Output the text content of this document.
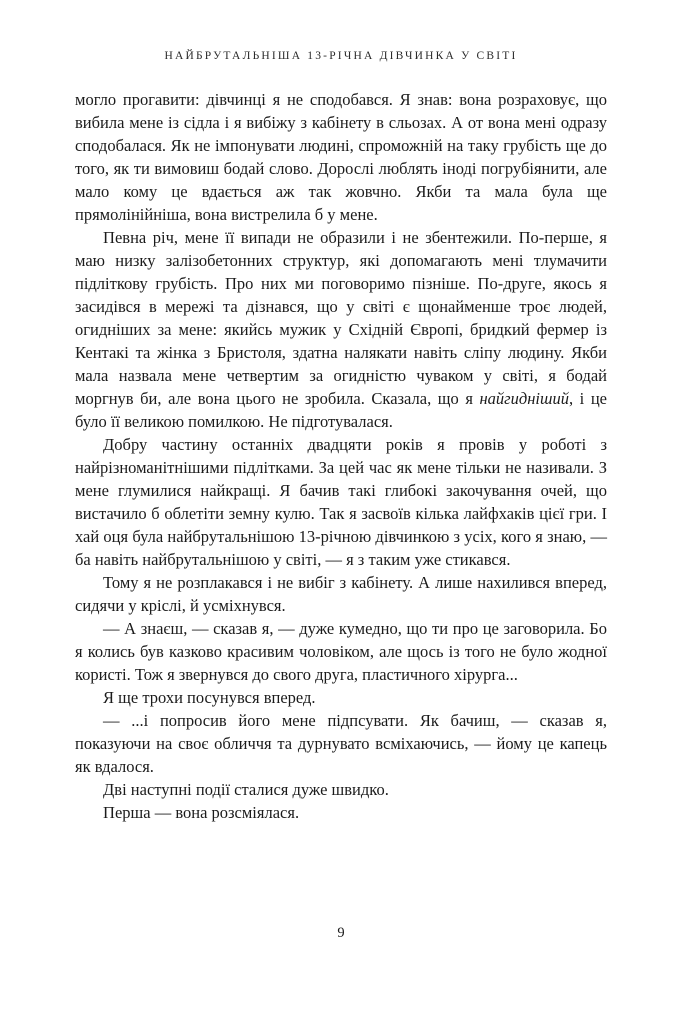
НАЙБРУТАЛЬНІША 13-РІЧНА ДІВЧИНКА У СВІТІ

могло прогавити: дівчинці я не сподобався. Я знав: вона розраховує, що вибила мене із сідла і я вибіжу з кабінету в сльозах. А от вона мені одразу сподобалася. Як не імпонувати людині, спроможній на таку грубість ще до того, як ти вимовиш бодай слово. Дорослі люблять іноді погрубіянити, але мало кому це вдається аж так жовчно. Якби та мала була ще прямолінійніша, вона вистрелила б у мене.

Певна річ, мене її випади не образили і не збентежили. По-перше, я маю низку залізобетонних структур, які допомагають мені тлумачити підліткову грубість. Про них ми поговоримо пізніше. По-друге, якось я засидівся в мережі та дізнався, що у світі є щонайменше троє людей, огидніших за мене: якийсь мужик у Східній Європі, бридкий фермер із Кентакі та жінка з Бристоля, здатна налякати навіть сліпу людину. Якби мала назвала мене четвертим за огидністю чуваком у світі, я бодай моргнув би, але вона цього не зробила. Сказала, що я найгидніший, і це було її великою помилкою. Не підготувалася.

Добру частину останніх двадцяти років я провів у роботі з найрізноманітнішими підлітками. За цей час як мене тільки не називали. З мене глумилися найкращі. Я бачив такі глибокі закочування очей, що вистачило б облетіти земну кулю. Так я засвоїв кілька лайфхаків цієї гри. І хай оця була найбрутальнішою 13-річною дівчинкою з усіх, кого я знаю, — ба навіть найбрутальнішою у світі, — я з таким уже стикався.

Тому я не розплакався і не вибіг з кабінету. А лише нахилився вперед, сидячи у кріслі, й усміхнувся.

— А знаєш, — сказав я, — дуже кумедно, що ти про це заговорила. Бо я колись був казково красивим чоловіком, але щось із того не було жодної користі. Тож я звернувся до свого друга, пластичного хірурга...

Я ще трохи посунувся вперед.

— ...і попросив його мене підпсувати. Як бачиш, — сказав я, показуючи на своє обличчя та дурнувато всміхаючись, — йому це капець як вдалося.

Дві наступні події сталися дуже швидко.

Перша — вона розсміялася.

9
